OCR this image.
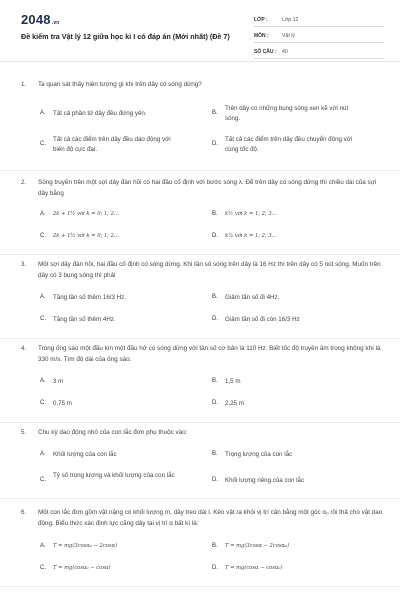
2048.vn
Đề kiểm tra Vật lý 12 giữa học kì I có đáp án (Mới nhất) (Đề 7)
LỚP :	Lớp 12
MÔN :	Vật lý
SỐ CÂU :	40
1. Ta quan sát thấy hiện tượng gì khi trên dây có sóng dừng?
A.	Tất cả phần tử dây đều đứng yên.	B.
Trên dây có những bụng sóng xen kẽ với nút sóng.
C.
Tất cả các điểm trên dây đều dao động với biên độ cực đại.
D.
Tất cả các điểm trên dây đều chuyển động với cùng tốc độ.
2. Sóng truyền trên một sợi dây đàn hồi có hai đầu cố định với bước sóng λ. Để trên dây có sóng dừng thì chiều dài của sợi dây bằng
A.	2k + 1½ với k = 0; 1; 2…	B.	k½ với k = 1; 2; 3…
C.	2k + 1¼ với k = 0; 1; 2…	D.	k¼ với k = 1; 2; 3…
3. Một sợi dây đàn hồi, hai đầu cố định có sóng dừng. Khi tần số sóng trên dây là 16 Hz thì trên dây có 5 nút sóng. Muốn trên dây có 3 bụng sóng thì phải
A.	Tăng tần số thêm 16/3 Hz.	B.	Giảm tần số đi 4Hz.
C.	Tăng tần số thêm 4Hz.	D.	Giảm tần số đi còn 16/3 Hz
4. Trong ống sáo một đầu kín một đầu hở có sóng dừng với tần số cơ bản là 110 Hz. Biết tốc độ truyền âm trong không khí là 330 m/s. Tìm độ dài của ống sáo.
A.	3 m	B.	1,5 m
C.	0,75 m	D.	2,25 m
5. Chu kỳ dao động nhỏ của con lắc đơn phụ thuộc vào:
A.	Khối lượng của con lắc	B.	Trọng lượng của con lắc
C.
Tỷ số trọng lượng và khối lượng của con lắc
D.	Khối lượng riêng của con lắc
6. Một con lắc đơn gồm vật nặng có khối lượng m, dây treo dài l. Kéo vật ra khỏi vị trí cân bằng một góc α₀ rồi thả cho vật dao động. Biểu thức xác định lực căng dây tại vị trí α bất kì là:
A.	T = mg(3cosα₀ − 2cosα)	B.	T = mg(3cosα − 2cosα₀)
C.	T = mg(cosα₀ − cosα)	D.	T = mg(cosα − cosα₀)
